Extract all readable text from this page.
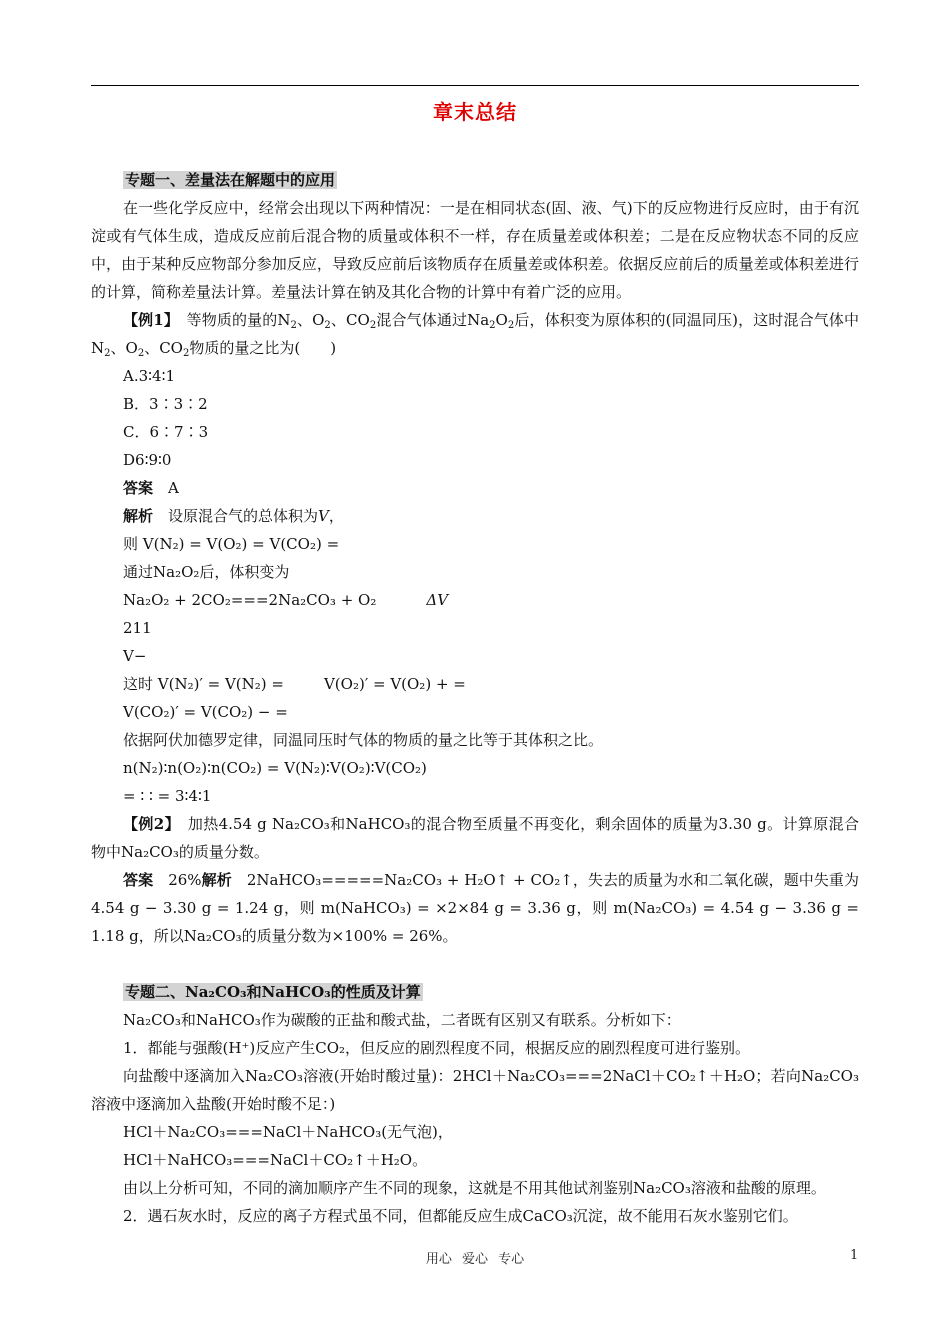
章末总结
专题一、差量法在解题中的应用

在一些化学反应中，经常会出现以下两种情况：一是在相同状态(固、液、气)下的反应物进行反应时，由于有沉淀或有气体生成，造成反应前后混合物的质量或体积不一样，存在质量差或体积差；二是在反应物状态不同的反应中，由于某种反应物部分参加反应，导致反应前后该物质存在质量差或体积差。依据反应前后的质量差或体积差进行的计算，简称差量法计算。差量法计算在钠及其化合物的计算中有着广泛的应用。

【例1】　 等物质的量的$N_2$、$O_2$、$CO_2$混合气体通过$Na_2O_2$后，体积变为原体积的(同温同压)，这时混合气体中$N_2$、$O_2$、$CO_2$物质的量之比为(　　)

A.3∶4∶1
B．3∶3∶2
C．6∶7∶3
D6∶9∶0
答案　 A
解析　 设原混合气的总体积为V，
则 V(N₂) = V(O₂) = V(CO₂) =
通过Na₂O₂后，体积变为
Na₂O₂ + 2CO₂===2Na₂CO₃ + O₂	ΔV
211
V−
这时 V(N₂)′ = V(N₂) =	V(O₂)′ = V(O₂) + =
V(CO₂)′ = V(CO₂) − =
依据阿伏加德罗定律，同温同压时气体的物质的量之比等于其体积之比。
n(N₂)∶n(O₂)∶n(CO₂) = V(N₂)∶V(O₂)∶V(CO₂)
= ∶ ∶ = 3∶4∶1

【例2】　 加热4.54 g Na₂CO₃和NaHCO₃的混合物至质量不再变化，剩余固体的质量为3.30 g。计算原混合物中Na₂CO₃的质量分数。

答案　 26%解析　 2NaHCO₃=====Na₂CO₃ + H₂O↑ + CO₂↑，失去的质量为水和二氧化碳，题中失重为4.54 g − 3.30 g = 1.24 g，则 m(NaHCO₃) = ×2×84 g = 3.36 g，则 m(Na₂CO₃) = 4.54 g − 3.36 g = 1.18 g，所以Na₂CO₃的质量分数为×100% = 26%。

专题二、Na₂CO₃和NaHCO₃的性质及计算

Na₂CO₃和NaHCO₃作为碳酸的正盐和酸式盐，二者既有区别又有联系。分析如下：

1．都能与强酸(H⁺)反应产生CO₂，但反应的剧烈程度不同，根据反应的剧烈程度可进行鉴别。

向盐酸中逐滴加入Na₂CO₃溶液(开始时酸过量)：2HCl＋Na₂CO₃===2NaCl＋CO₂↑＋H₂O；若向Na₂CO₃溶液中逐滴加入盐酸(开始时酸不足：)

HCl＋Na₂CO₃===NaCl＋NaHCO₃(无气泡)，
HCl＋NaHCO₃===NaCl＋CO₂↑＋H₂O。

由以上分析可知，不同的滴加顺序产生不同的现象，这就是不用其他试剂鉴别Na₂CO₃溶液和盐酸的原理。

2．遇石灰水时，反应的离子方程式虽不同，但都能反应生成CaCO₃沉淀，故不能用石灰水鉴别它们。

用心 爱心 专心	1
